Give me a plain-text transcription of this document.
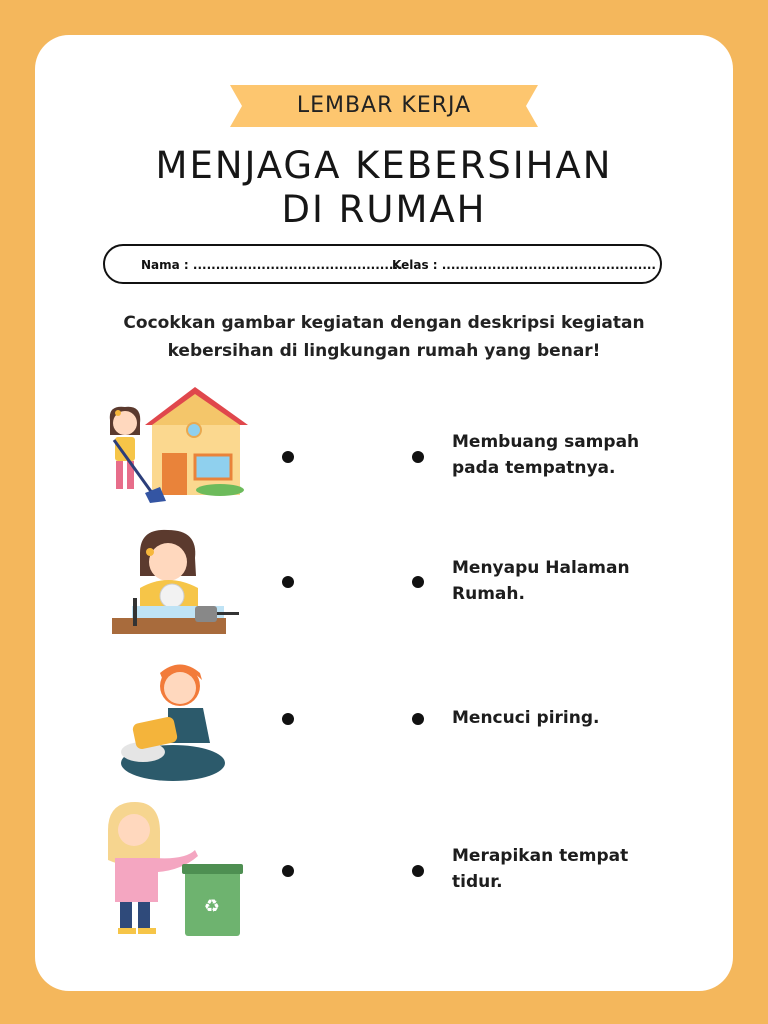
LEMBAR KERJA
MENJAGA KEBERSIHAN
DI RUMAH
Nama : ..............................................
Kelas : ...............................................
Cocokkan gambar kegiatan dengan deskripsi kegiatan
kebersihan di lingkungan rumah yang benar!
♻
Membuang sampah
pada tempatnya.
Menyapu Halaman
Rumah.
Mencuci piring.
Merapikan tempat
tidur.
